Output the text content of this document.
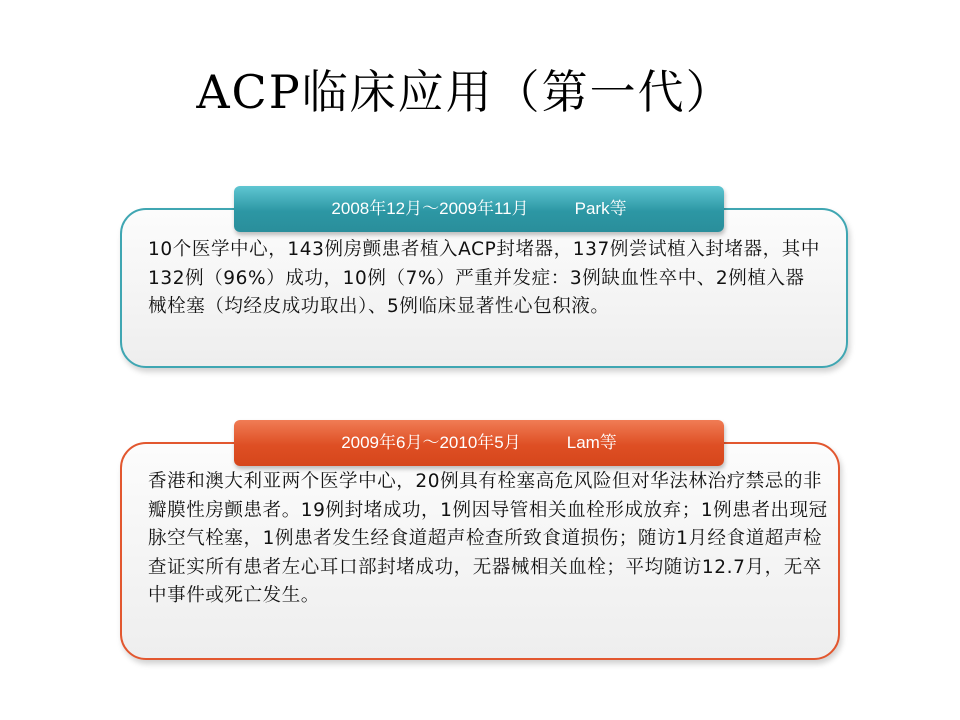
ACP临床应用（第一代）
2008年12月～2009年11月	Park等

10个医学中心，143例房颤患者植入ACP封堵器，137例尝试植入封堵器，其中132例（96%）成功，10例（7%）严重并发症：3例缺血性卒中、2例植入器械栓塞（均经皮成功取出）、5例临床显著性心包积液。

2009年6月～2010年5月	Lam等

香港和澳大利亚两个医学中心，20例具有栓塞高危风险但对华法林治疗禁忌的非瓣膜性房颤患者。19例封堵成功，1例因导管相关血栓形成放弃；1例患者出现冠脉空气栓塞，1例患者发生经食道超声检查所致食道损伤；随访1月经食道超声检查证实所有患者左心耳口部封堵成功，无器械相关血栓；平均随访12.7月，无卒中事件或死亡发生。
